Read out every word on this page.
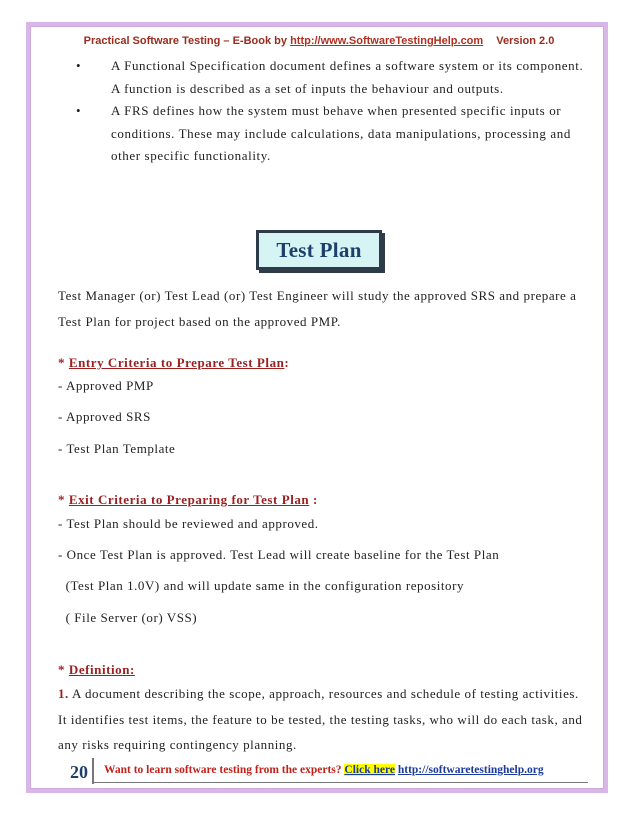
Practical Software Testing – E-Book by http://www.SoftwareTestingHelp.com Version 2.0
• A Functional Specification document defines a software system or its component. A function is described as a set of inputs the behaviour and outputs.
• A FRS defines how the system must behave when presented specific inputs or conditions. These may include calculations, data manipulations, processing and other specific functionality.
Test Plan
Test Manager (or) Test Lead (or) Test Engineer will study the approved SRS and prepare a Test Plan for project based on the approved PMP.
* Entry Criteria to Prepare Test Plan:
- Approved PMP
- Approved SRS
- Test Plan Template
* Exit Criteria to Preparing for Test Plan :
- Test Plan should be reviewed and approved.
- Once Test Plan is approved. Test Lead will create baseline for the Test Plan
(Test Plan 1.0V) and will update same in the configuration repository
( File Server (or) VSS)
* Definition:
1. A document describing the scope, approach, resources and schedule of testing activities. It identifies test items, the feature to be tested, the testing tasks, who will do each task, and any risks requiring contingency planning.
20 Want to learn software testing from the experts? Click here http://softwaretestinghelp.org
